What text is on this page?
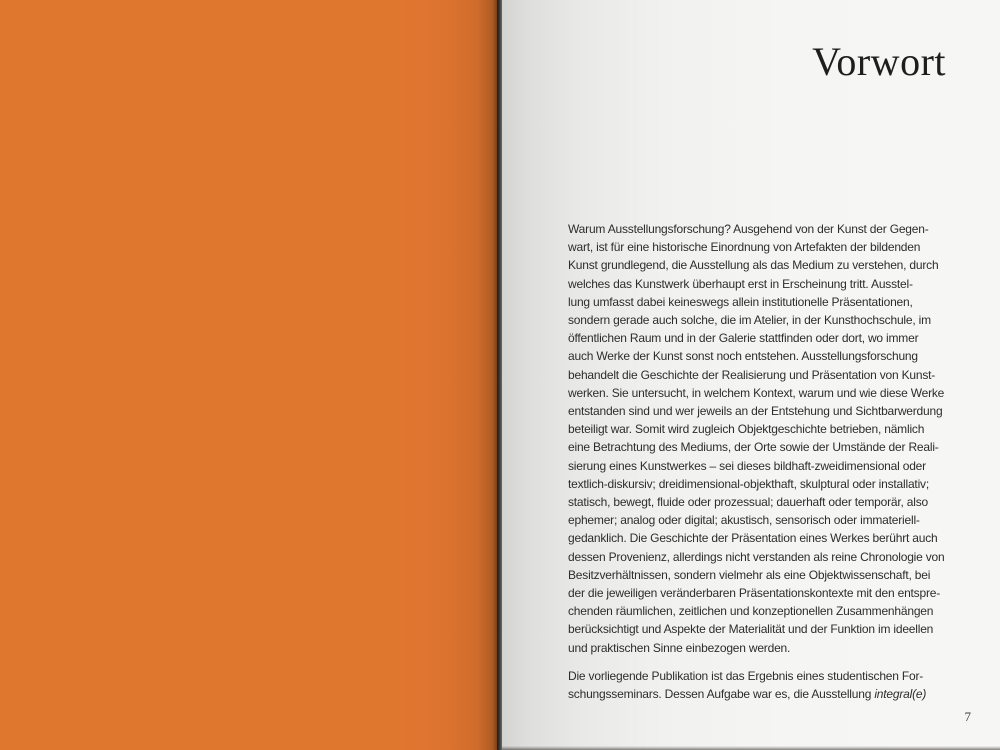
Vorwort
Warum Ausstellungsforschung? Ausgehend von der Kunst der Gegen-
wart, ist für eine historische Einordnung von Artefakten der bildenden
Kunst grundlegend, die Ausstellung als das Medium zu verstehen, durch
welches das Kunstwerk überhaupt erst in Erscheinung tritt. Ausstel-
lung umfasst dabei keineswegs allein institutionelle Präsentationen,
sondern gerade auch solche, die im Atelier, in der Kunsthochschule, im
öffentlichen Raum und in der Galerie stattfinden oder dort, wo immer
auch Werke der Kunst sonst noch entstehen. Ausstellungsforschung
behandelt die Geschichte der Realisierung und Präsentation von Kunst-
werken. Sie untersucht, in welchem Kontext, warum und wie diese Werke
entstanden sind und wer jeweils an der Entstehung und Sichtbarwerdung
beteiligt war. Somit wird zugleich Objektgeschichte betrieben, nämlich
eine Betrachtung des Mediums, der Orte sowie der Umstände der Reali-
sierung eines Kunstwerkes – sei dieses bildhaft-zweidimensional oder
textlich-diskursiv; dreidimensional-objekthaft, skulptural oder installativ;
statisch, bewegt, fluide oder prozessual; dauerhaft oder temporär, also
ephemer; analog oder digital; akustisch, sensorisch oder immateriell-
gedanklich. Die Geschichte der Präsentation eines Werkes berührt auch
dessen Provenienz, allerdings nicht verstanden als reine Chronologie von
Besitzverhältnissen, sondern vielmehr als eine Objektwissenschaft, bei
der die jeweiligen veränderbaren Präsentationskontexte mit den entspre-
chenden räumlichen, zeitlichen und konzeptionellen Zusammenhängen
berücksichtigt und Aspekte der Materialität und der Funktion im ideellen
und praktischen Sinne einbezogen werden.
Die vorliegende Publikation ist das Ergebnis eines studentischen For-
schungsseminars. Dessen Aufgabe war es, die Ausstellung integral(e)
7
